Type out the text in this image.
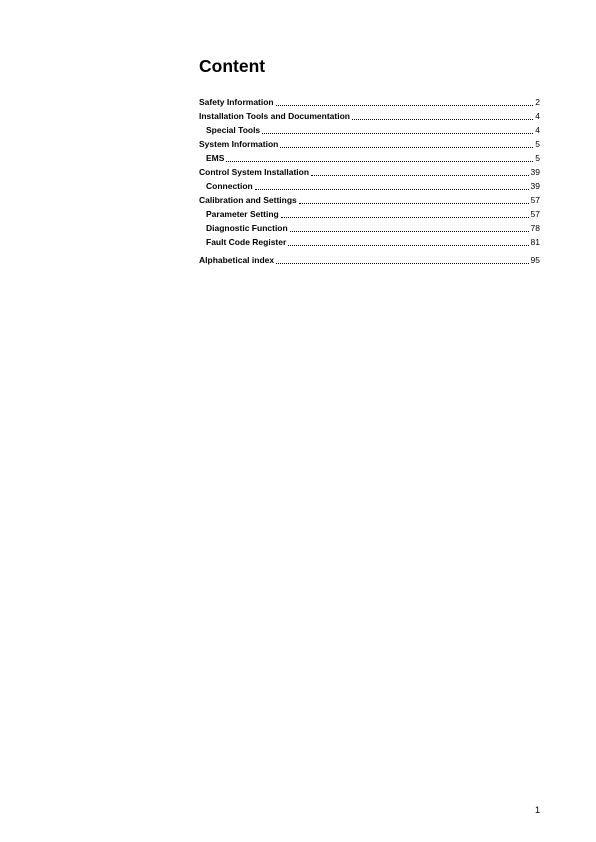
Content
Safety Information	2
Installation Tools and Documentation	4
Special Tools	4
System Information	5
EMS	5
Control System Installation	39
Connection	39
Calibration and Settings	57
Parameter Setting	57
Diagnostic Function	78
Fault Code Register	81
Alphabetical index	95
1
